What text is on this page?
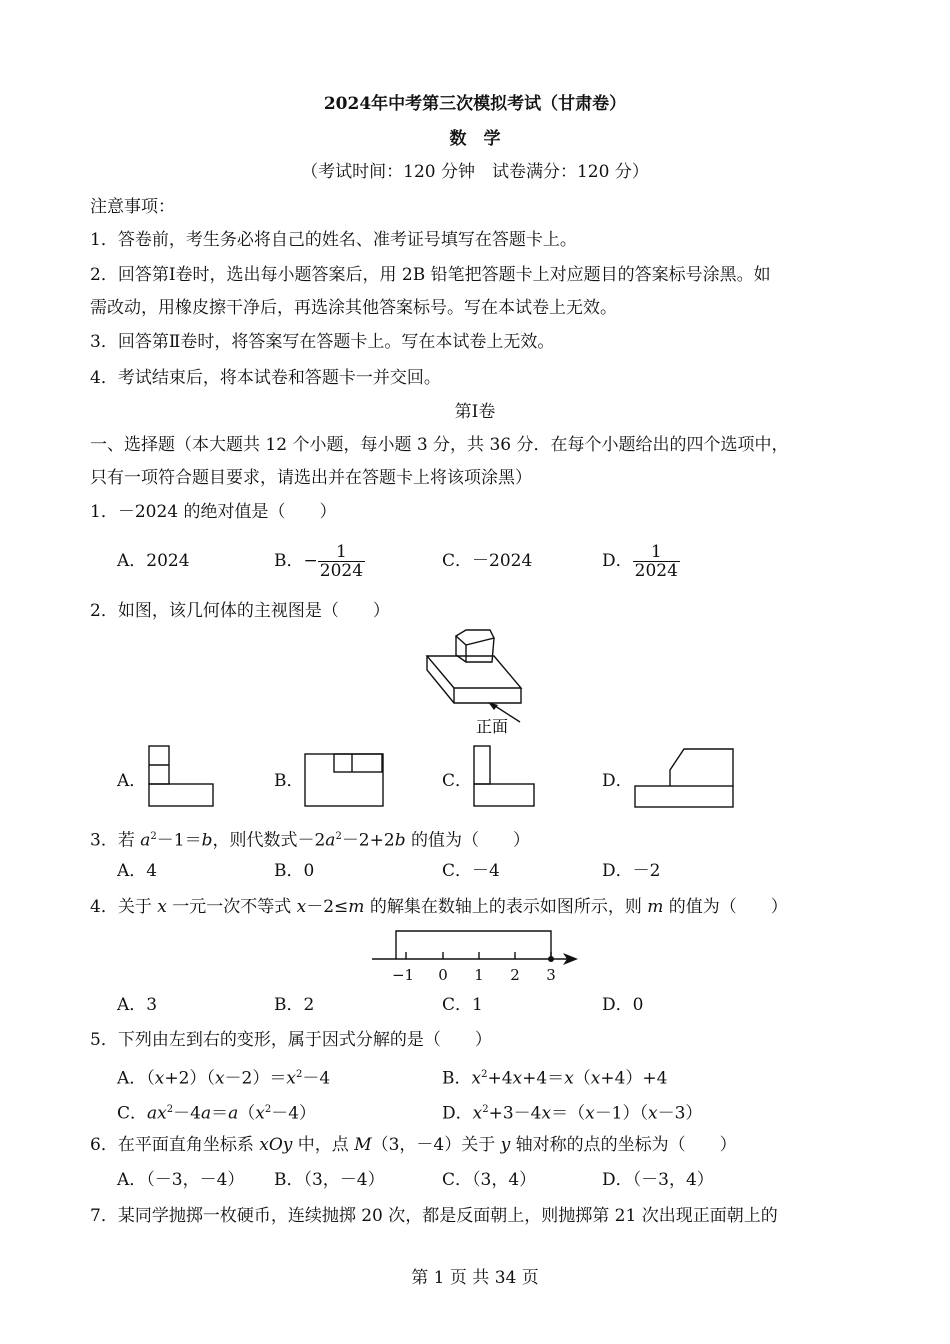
2024年中考第三次模拟考试（甘肃卷）
数　学
（考试时间：120 分钟　试卷满分：120 分）
注意事项：
1．答卷前，考生务必将自己的姓名、准考证号填写在答题卡上。
2．回答第Ⅰ卷时，选出每小题答案后，用 2B 铅笔把答题卡上对应题目的答案标号涂黑。如
需改动，用橡皮擦干净后，再选涂其他答案标号。写在本试卷上无效。
3．回答第Ⅱ卷时，将答案写在答题卡上。写在本试卷上无效。
4．考试结束后，将本试卷和答题卡一并交回。
第Ⅰ卷
一、选择题（本大题共 12 个小题，每小题 3 分，共 36 分．在每个小题给出的四个选项中，
只有一项符合题目要求，请选出并在答题卡上将该项涂黑）
1．－2024 的绝对值是（　　）
A．2024	B．− $\frac{1}{2024}$	C．－2024	D． $\frac{1}{2024}$
2．如图，该几何体的主视图是（　　）
正面
A．	B．	C．	D．
3．若 $a^2-1=b$，则代数式$-2a^2-2+2b$ 的值为（　　）
A．4	B．0	C．－4	D．－2
4．关于 x 一元一次不等式 x－2≤m 的解集在数轴上的表示如图所示，则 m 的值为（　　）
−1 0 1 2 3
A．3	B．2	C．1	D．0
5．下列由左到右的变形，属于因式分解的是（　　）
A．$(x+2)(x-2)=x^2-4$	B．$x^2+4x+4=x(x+4)+4$
C．$ax^2-4a=a(x^2-4)$	D．$x^2+3-4x=(x-1)(x-3)$
6．在平面直角坐标系 xOy 中，点 M（3，－4）关于 y 轴对称的点的坐标为（　　）
A．（－3，－4） B．（3，－4）	C．（3，4）	D．（－3，4）
7．某同学抛掷一枚硬币，连续抛掷 20 次，都是反面朝上，则抛掷第 21 次出现正面朝上的
第 1 页 共 34 页
